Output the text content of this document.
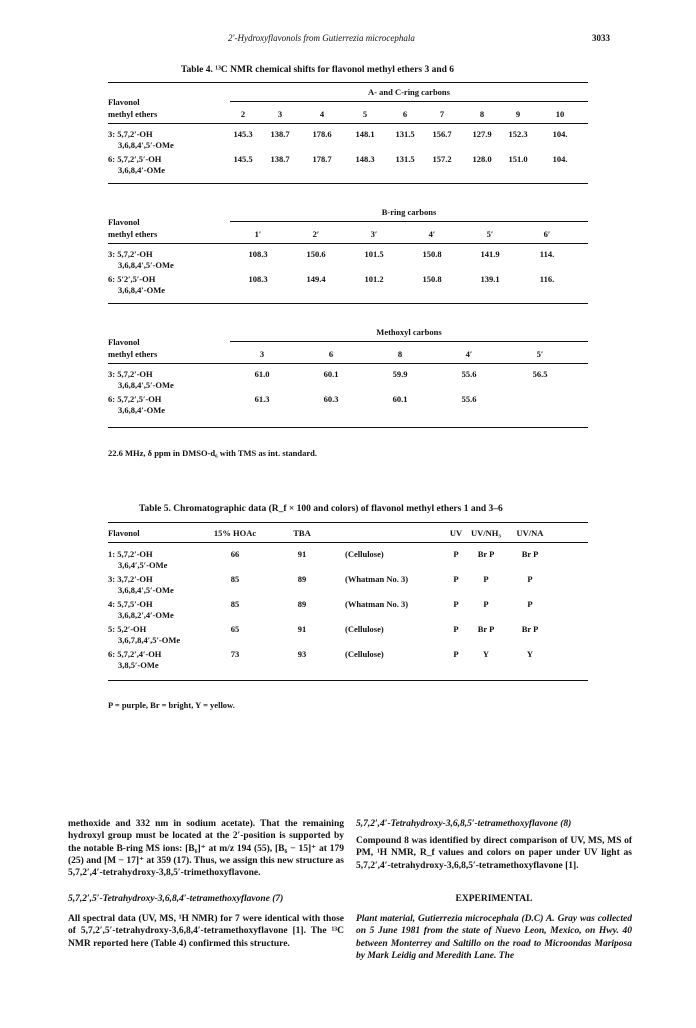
2′-Hydroxyflavonols from Gutierrezia microcephala	3033
Table 4. ¹³C NMR chemical shifts for flavonol methyl ethers 3 and 6
A- and C-ring carbons
Flavonol
methyl ethers	2	3	4	5	6	7	8	9	10
3: 5,7,2′-OH
3,6,8,4′,5′-OMe
145.3	138.7	178.6	148.1	131.5	156.7	127.9	152.3	104.
6: 5,7,2′,5′-OH
3,6,8,4′-OMe
145.5	138.7	178.7	148.3	131.5	157.2	128.0	151.0	104.
B-ring carbons
Flavonol
methyl ethers	1′	2′	3′	4′	5′	6′
3: 5,7,2′-OH
3,6,8,4′,5′-OMe
108.3	150.6	101.5	150.8	141.9	114.
6: 5′2′,5′-OH
3,6,8,4′-OMe
108.3	149.4	101.2	150.8	139.1	116.
Methoxyl carbons
Flavonol
methyl ethers	3	6	8	4′	5′
3: 5,7,2′-OH
3,6,8,4′,5′-OMe
61.0	60.1	59.9	55.6	56.5
6: 5,7,2′,5′-OH
3,6,8,4′-OMe
61.3	60.3	60.1	55.6
22.6 MHz, δ ppm in DMSO-d₆ with TMS as int. standard.
Table 5. Chromatographic data (R_f × 100 and colors) of flavonol methyl ethers 1 and 3–6
Flavonol	15% HOAc	TBA	UV	UV/NH₃	UV/NA
1: 5,7,2′-OH
3,6,4′,5′-OMe
66	91	(Cellulose)	P	Br P	Br P
3: 3,7,2′-OH
3,6,8,4′,5′-OMe
85	89	(Whatman No. 3)	P	P	P
4: 5,7,5′-OH
3,6,8,2′,4′-OMe
85	89	(Whatman No. 3)	P	P	P
5: 5,2′-OH
3,6,7,8,4′,5′-OMe
65	91	(Cellulose)	P	Br P	Br P
6: 5,7,2′,4′-OH
3,8,5′-OMe
73	93	(Cellulose)	P	Y	Y
P = purple, Br = bright, Y = yellow.
methoxide and 332 nm in sodium acetate). That the remaining hydroxyl group must be located at the 2′-position is supported by the notable B-ring MS ions: [B₆]⁺ at m/z 194 (55), [B₆ − 15]⁺ at 179 (25) and [M − 17]⁺ at 359 (17). Thus, we assign this new structure as 5,7,2′,4′-tetrahydroxy-3,8,5′-trimethoxyflavone.
5,7,2′,5′-Tetrahydroxy-3,6,8,4′-tetramethoxyflavone (7)
All spectral data (UV, MS, ¹H NMR) for 7 were identical with those of 5,7,2′,5′-tetrahydroxy-3,6,8,4′-tetramethoxyflavone [1]. The ¹³C NMR reported here (Table 4) confirmed this structure.
5,7,2′,4′-Tetrahydroxy-3,6,8,5′-tetramethoxyflavone (8)
Compound 8 was identified by direct comparison of UV, MS, MS of PM, ¹H NMR, R_f values and colors on paper under UV light as 5,7,2′,4′-tetrahydroxy-3,6,8,5′-tetramethoxyflavone [1].
EXPERIMENTAL
Plant material, Gutierrezia microcephala (D.C) A. Gray was collected on 5 June 1981 from the state of Nuevo Leon, Mexico, on Hwy. 40 between Monterrey and Saltillo on the road to Microondas Mariposa by Mark Leidig and Meredith Lane. The
